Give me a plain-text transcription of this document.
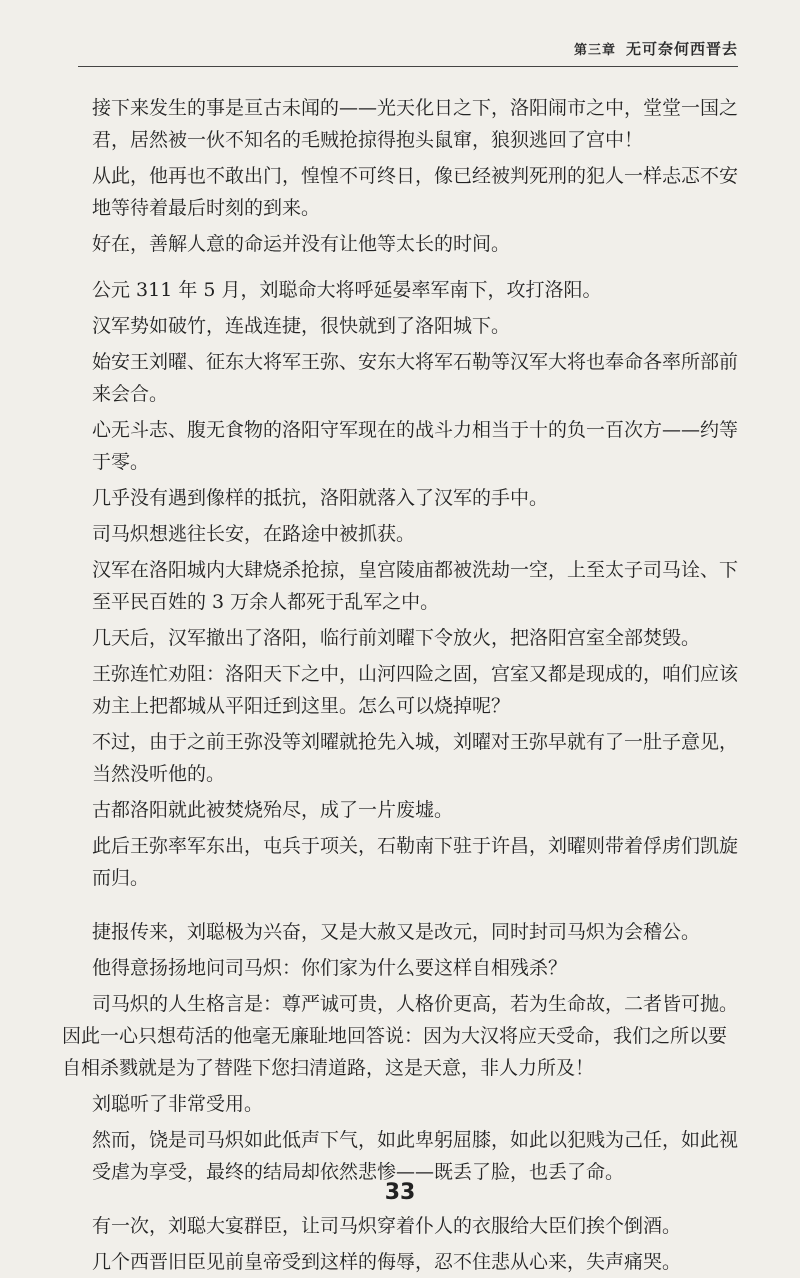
第三章 无可奈何西晋去

接下来发生的事是亘古未闻的——光天化日之下，洛阳闹市之中，堂堂一国之君，居然被一伙不知名的毛贼抢掠得抱头鼠窜，狼狈逃回了宫中！

从此，他再也不敢出门，惶惶不可终日，像已经被判死刑的犯人一样忐忑不安地等待着最后时刻的到来。

好在，善解人意的命运并没有让他等太长的时间。

公元 311 年 5 月，刘聪命大将呼延晏率军南下，攻打洛阳。

汉军势如破竹，连战连捷，很快就到了洛阳城下。

始安王刘曜、征东大将军王弥、安东大将军石勒等汉军大将也奉命各率所部前来会合。

心无斗志、腹无食物的洛阳守军现在的战斗力相当于十的负一百次方——约等于零。

几乎没有遇到像样的抵抗，洛阳就落入了汉军的手中。

司马炽想逃往长安，在路途中被抓获。

汉军在洛阳城内大肆烧杀抢掠，皇宫陵庙都被洗劫一空，上至太子司马诠、下至平民百姓的 3 万余人都死于乱军之中。

几天后，汉军撤出了洛阳，临行前刘曜下令放火，把洛阳宫室全部焚毁。

王弥连忙劝阻：洛阳天下之中，山河四险之固，宫室又都是现成的，咱们应该劝主上把都城从平阳迁到这里。怎么可以烧掉呢？

不过，由于之前王弥没等刘曜就抢先入城，刘曜对王弥早就有了一肚子意见，当然没听他的。

古都洛阳就此被焚烧殆尽，成了一片废墟。

此后王弥率军东出，屯兵于项关，石勒南下驻于许昌，刘曜则带着俘虏们凯旋而归。

捷报传来，刘聪极为兴奋，又是大赦又是改元，同时封司马炽为会稽公。

他得意扬扬地问司马炽：你们家为什么要这样自相残杀？

司马炽的人生格言是：尊严诚可贵，人格价更高，若为生命故，二者皆可抛。因此一心只想苟活的他毫无廉耻地回答说：因为大汉将应天受命，我们之所以要自相杀戮就是为了替陛下您扫清道路，这是天意，非人力所及！

刘聪听了非常受用。

然而，饶是司马炽如此低声下气，如此卑躬屈膝，如此以犯贱为己任，如此视受虐为享受，最终的结局却依然悲惨——既丢了脸，也丢了命。

有一次，刘聪大宴群臣，让司马炽穿着仆人的衣服给大臣们挨个倒酒。

几个西晋旧臣见前皇帝受到这样的侮辱，忍不住悲从心来，失声痛哭。

33
